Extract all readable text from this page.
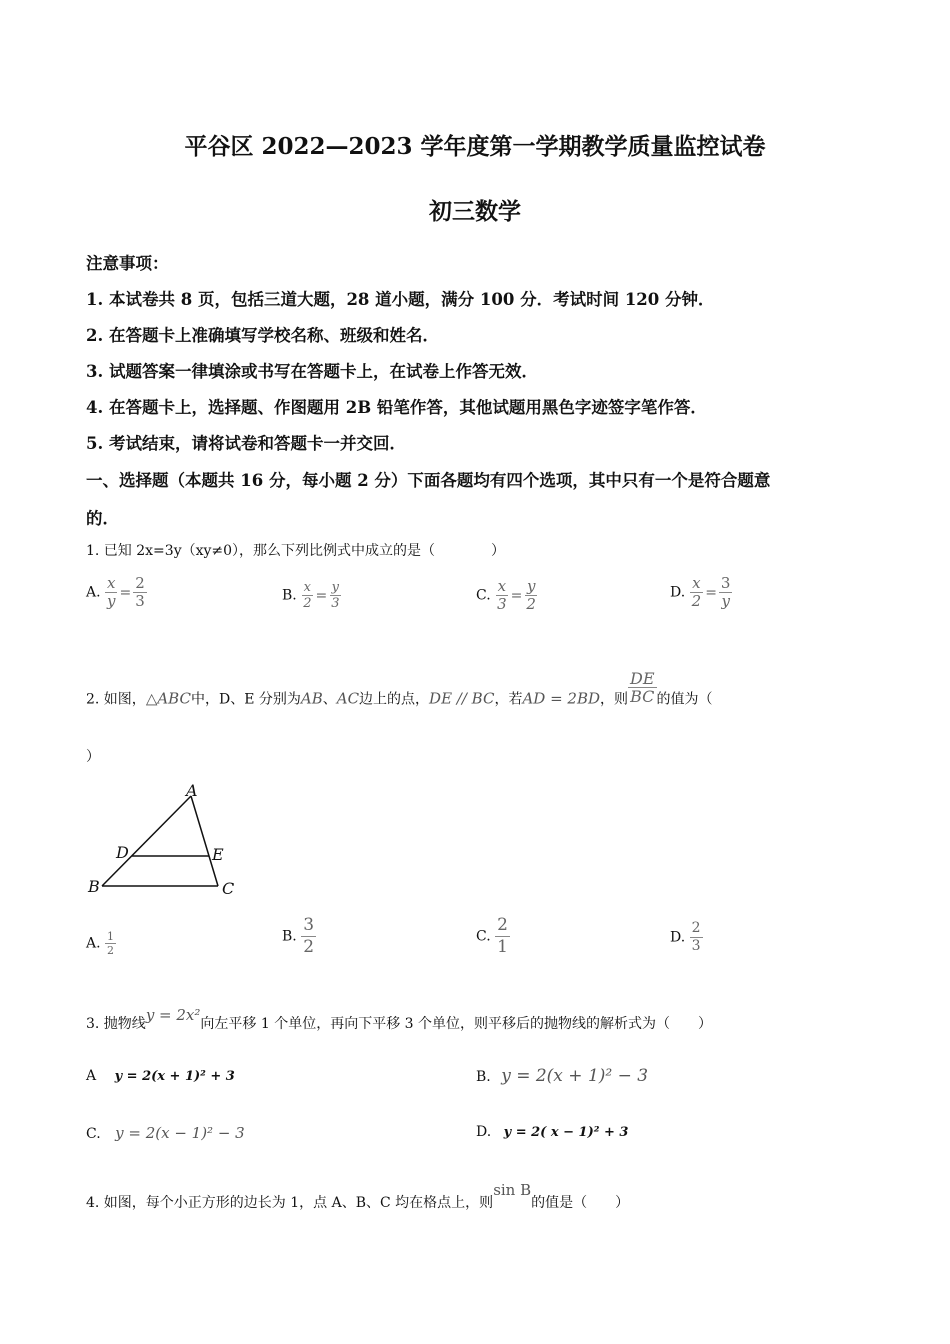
平谷区 2022—2023 学年度第一学期教学质量监控试卷
初三数学
注意事项：
1. 本试卷共 8 页，包括三道大题，28 道小题，满分 100 分．考试时间 120 分钟．
2. 在答题卡上准确填写学校名称、班级和姓名．
3. 试题答案一律填涂或书写在答题卡上，在试卷上作答无效．
4. 在答题卡上，选择题、作图题用 2B 铅笔作答，其他试题用黑色字迹签字笔作答．
5. 考试结束，请将试卷和答题卡一并交回．
一、选择题（本题共 16 分，每小题 2 分）下面各题均有四个选项，其中只有一个是符合题意
的．
1. 已知 2x=3y（xy≠0），那么下列比例式中成立的是（　　　　）
A. $\frac{x}{y} = \frac{2}{3}$	B. $\frac{x}{2} = \frac{y}{3}$	C. $\frac{x}{3} = \frac{y}{2}$	D. $\frac{x}{2} = \frac{3}{y}$
2. 如图，△ABC中，D、E 分别为AB、AC边上的点，DE // BC，若AD = 2BD，则 $\frac{DE}{BC}$ 的值为（
）
A
B	C
D	E
A. $\frac{1}{2}$	B. $\frac{3}{2}$	C. $\frac{2}{1}$	D. $\frac{2}{3}$
3. 抛物线y = 2x²向左平移 1 个单位，再向下平移 3 个单位，则平移后的抛物线的解析式为（　　）
A y = 2(x + 1)² + 3	B. y = 2(x + 1)² − 3
C. y = 2(x − 1)² − 3	D. y = 2( x − 1)² + 3
4. 如图，每个小正方形的边长为 1，点 A、B、C 均在格点上，则sin B的值是（　　）
